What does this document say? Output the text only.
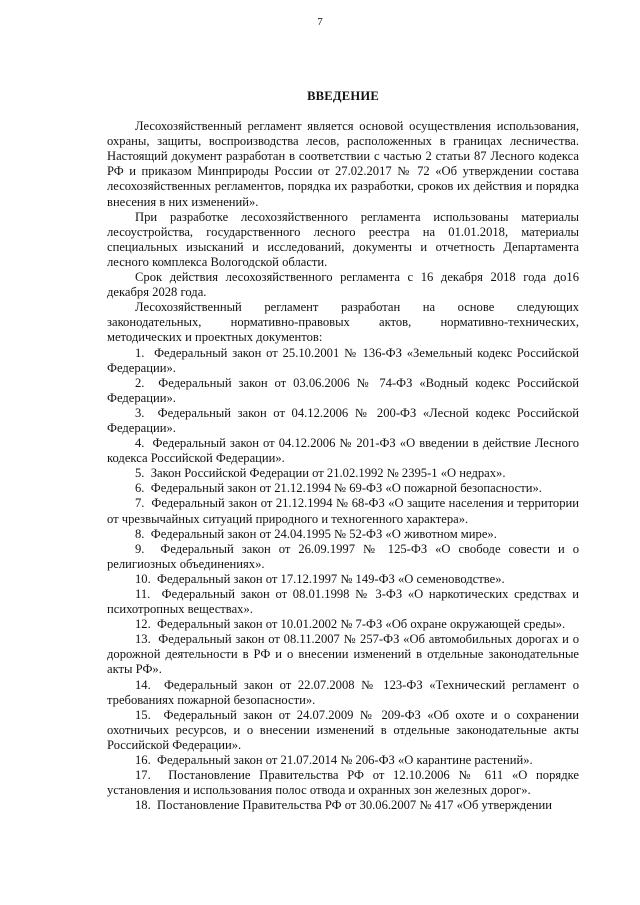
7
ВВЕДЕНИЕ

Лесохозяйственный регламент является основой осуществления использования, охраны, защиты, воспроизводства лесов, расположенных в границах лесничества. Настоящий документ разработан в соответствии с частью 2 статьи 87 Лесного кодекса РФ и приказом Минприроды России от 27.02.2017 № 72 «Об утверждении состава лесохозяйственных регламентов, порядка их разработки, сроков их действия и порядка внесения в них изменений».

При разработке лесохозяйственного регламента использованы материалы лесоустройства, государственного лесного реестра на 01.01.2018, материалы специальных изысканий и исследований, документы и отчетность Департамента лесного комплекса Вологодской области.

Срок действия лесохозяйственного регламента с 16 декабря 2018 года до16 декабря 2028 года.

Лесохозяйственный регламент разработан на основе следующих законодательных, нормативно-правовых актов, нормативно-технических, методических и проектных документов:

1.  Федеральный закон от 25.10.2001 № 136-ФЗ «Земельный кодекс Российской Федерации».

2.  Федеральный закон от 03.06.2006 № 74-ФЗ «Водный кодекс Российской Федерации».

3.  Федеральный закон от 04.12.2006 № 200-ФЗ «Лесной кодекс Российской Федерации».

4.  Федеральный закон от 04.12.2006 № 201-ФЗ «О введении в действие Лесного кодекса Российской Федерации».

5.  Закон Российской Федерации от 21.02.1992 № 2395-1 «О недрах».

6.  Федеральный закон от 21.12.1994 № 69-ФЗ «О пожарной безопасности».

7.  Федеральный закон от 21.12.1994 № 68-ФЗ «О защите населения и территории от чрезвычайных ситуаций природного и техногенного характера».

8.  Федеральный закон от 24.04.1995 № 52-ФЗ «О животном мире».

9.  Федеральный закон от 26.09.1997 № 125-ФЗ «О свободе совести и о религиозных объединениях».

10.  Федеральный закон от 17.12.1997 № 149-ФЗ «О семеноводстве».

11.  Федеральный закон от 08.01.1998 № 3-ФЗ «О наркотических средствах и психотропных веществах».

12.  Федеральный закон от 10.01.2002 № 7-ФЗ «Об охране окружающей среды».

13.  Федеральный закон от 08.11.2007 № 257-ФЗ «Об автомобильных дорогах и о дорожной деятельности в РФ и о внесении изменений в отдельные законодательные акты РФ».

14.  Федеральный закон от 22.07.2008 № 123-ФЗ «Технический регламент о требованиях пожарной безопасности».

15.  Федеральный закон от 24.07.2009 № 209-ФЗ «Об охоте и о сохранении охотничьих ресурсов, и о внесении изменений в отдельные законодательные акты Российской Федерации».

16.  Федеральный закон от 21.07.2014 № 206-ФЗ «О карантине растений».

17.  Постановление Правительства РФ от 12.10.2006 № 611 «О порядке установления и использования полос отвода и охранных зон железных дорог».

18.  Постановление Правительства РФ от 30.06.2007 № 417 «Об утверждении
